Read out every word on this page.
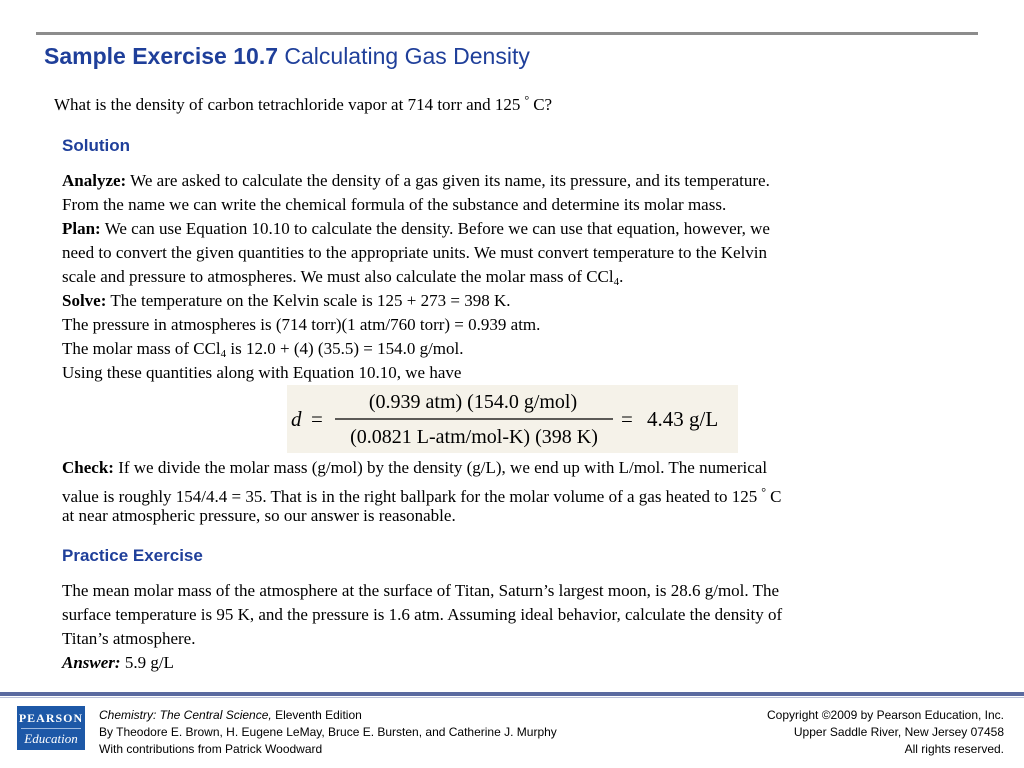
Sample Exercise 10.7 Calculating Gas Density
What is the density of carbon tetrachloride vapor at 714 torr and 125 ° C?
Solution
Analyze: We are asked to calculate the density of a gas given its name, its pressure, and its temperature.
From the name we can write the chemical formula of the substance and determine its molar mass.
Plan: We can use Equation 10.10 to calculate the density. Before we can use that equation, however, we
need to convert the given quantities to the appropriate units. We must convert temperature to the Kelvin
scale and pressure to atmospheres. We must also calculate the molar mass of CCl$_4$.
Solve: The temperature on the Kelvin scale is 125 + 273 = 398 K.
The pressure in atmospheres is (714 torr)(1 atm/760 torr) = 0.939 atm.
The molar mass of CCl$_4$ is 12.0 + (4) (35.5) = 154.0 g/mol.
Using these quantities along with Equation 10.10, we have
d =
(0.939 atm) (154.0 g/mol)
(0.0821 L-atm/mol-K) (398 K)
= 4.43 g/L
Check: If we divide the molar mass (g/mol) by the density (g/L), we end up with L/mol. The numerical
value is roughly 154/4.4 = 35. That is in the right ballpark for the molar volume of a gas heated to 125 ° C
at near atmospheric pressure, so our answer is reasonable.
Practice Exercise
The mean molar mass of the atmosphere at the surface of Titan, Saturn’s largest moon, is 28.6 g/mol. The
surface temperature is 95 K, and the pressure is 1.6 atm. Assuming ideal behavior, calculate the density of
Titan’s atmosphere.
Answer: 5.9 g/L
PEARSON
Education
Chemistry: The Central Science, Eleventh Edition
By Theodore E. Brown, H. Eugene LeMay, Bruce E. Bursten, and Catherine J. Murphy
With contributions from Patrick Woodward
Copyright ©2009 by Pearson Education, Inc.
Upper Saddle River, New Jersey 07458
All rights reserved.
